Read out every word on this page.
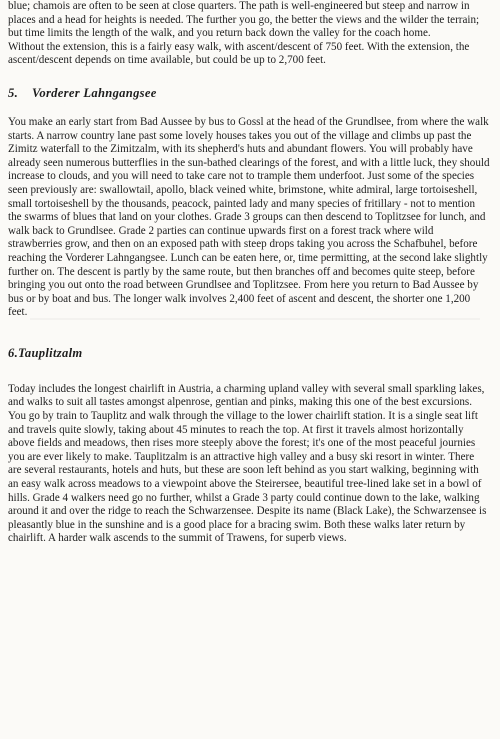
blue; chamois are often to be seen at close quarters. The path is well-engineered but steep and narrow in places and a head for heights is needed. The further you go, the better the views and the wilder the terrain; but time limits the length of the walk, and you return back down the valley for the coach home.

Without the extension, this is a fairly easy walk, with ascent/descent of 750 feet. With the extension, the ascent/descent depends on time available, but could be up to 2,700 feet.

5. Vorderer Lahngangsee

You make an early start from Bad Aussee by bus to Gossl at the head of the Grundlsee, from where the walk starts. A narrow country lane past some lovely houses takes you out of the village and climbs up past the Zimitz waterfall to the Zimitzalm, with its shepherd's huts and abundant flowers. You will probably have already seen numerous butterflies in the sun-bathed clearings of the forest, and with a little luck, they should increase to clouds, and you will need to take care not to trample them underfoot. Just some of the species seen previously are: swallowtail, apollo, black veined white, brimstone, white admiral, large tortoiseshell, small tortoiseshell by the thousands, peacock, painted lady and many species of fritillary - not to mention the swarms of blues that land on your clothes. Grade 3 groups can then descend to Toplitzsee for lunch, and walk back to Grundlsee. Grade 2 parties can continue upwards first on a forest track where wild strawberries grow, and then on an exposed path with steep drops taking you across the Schafbuhel, before reaching the Vorderer Lahngangsee. Lunch can be eaten here, or, time permitting, at the second lake slightly further on. The descent is partly by the same route, but then branches off and becomes quite steep, before bringing you out onto the road between Grundlsee and Toplitzsee. From here you return to Bad Aussee by bus or by boat and bus. The longer walk involves 2,400 feet of ascent and descent, the shorter one 1,200 feet.

6.Tauplitzalm

Today includes the longest chairlift in Austria, a charming upland valley with several small sparkling lakes, and walks to suit all tastes amongst alpenrose, gentian and pinks, making this one of the best excursions.

You go by train to Tauplitz and walk through the village to the lower chairlift station. It is a single seat lift and travels quite slowly, taking about 45 minutes to reach the top. At first it travels almost horizontally above fields and meadows, then rises more steeply above the forest; it's one of the most peaceful journies you are ever likely to make. Tauplitzalm is an attractive high valley and a busy ski resort in winter. There are several restaurants, hotels and huts, but these are soon left behind as you start walking, beginning with an easy walk across meadows to a viewpoint above the Steirersee, beautiful tree-lined lake set in a bowl of hills. Grade 4 walkers need go no further, whilst a Grade 3 party could continue down to the lake, walking around it and over the ridge to reach the Schwarzensee. Despite its name (Black Lake), the Schwarzensee is pleasantly blue in the sunshine and is a good place for a bracing swim. Both these walks later return by chairlift. A harder walk ascends to the summit of Trawens, for superb views.
